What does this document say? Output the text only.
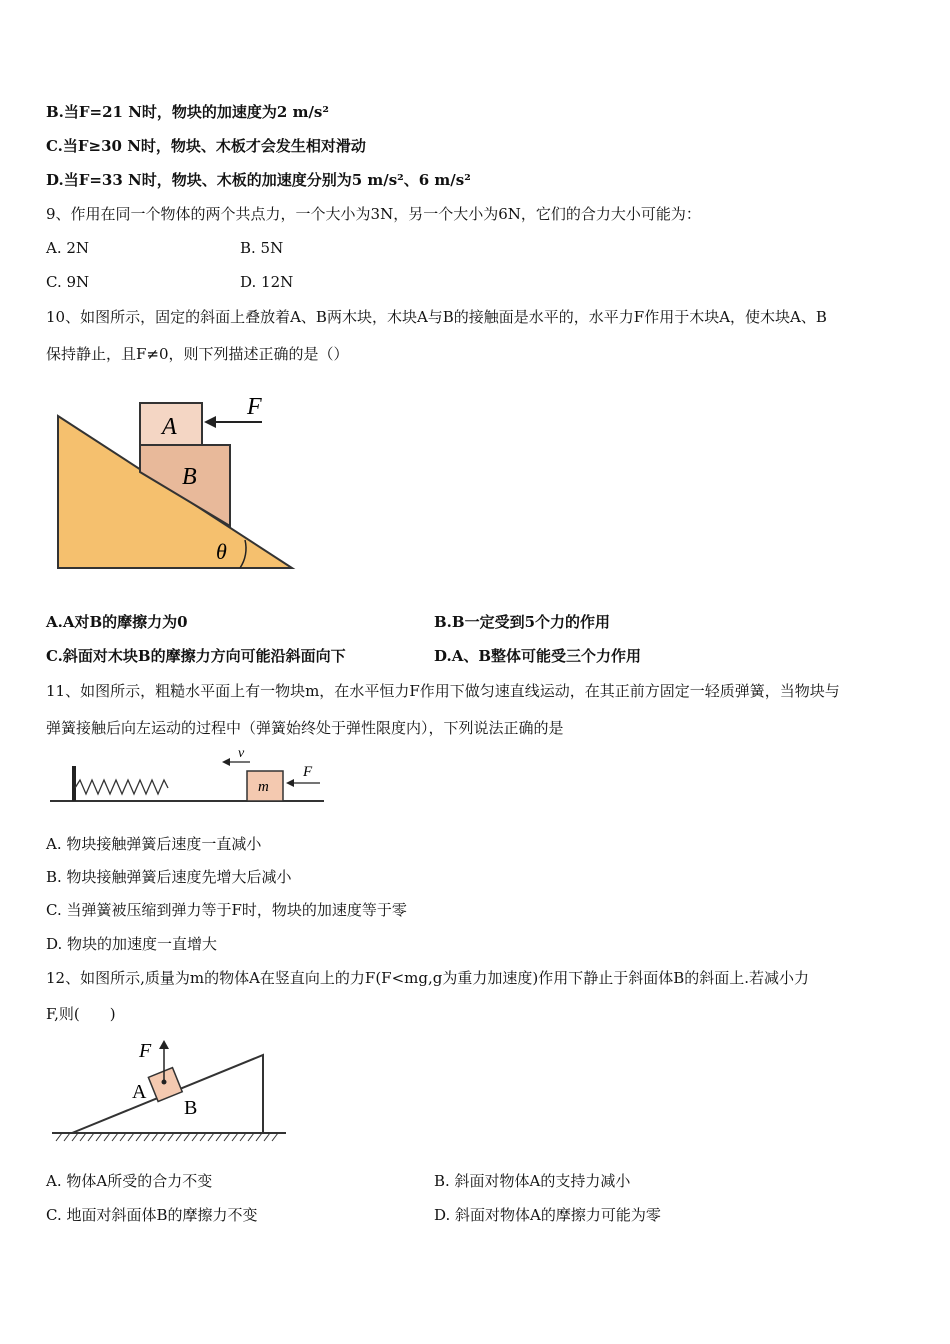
B.当F=21 N时，物块的加速度为2 m/s²
C.当F≥30 N时，物块、木板才会发生相对滑动
D.当F=33 N时，物块、木板的加速度分别为5 m/s²、6 m/s²
9、作用在同一个物体的两个共点力，一个大小为3N，另一个大小为6N，它们的合力大小可能为：
A. 2N	B. 5N
C. 9N	D. 12N
10、如图所示，固定的斜面上叠放着A、B两木块，木块A与B的接触面是水平的，水平力F作用于木块A，使木块A、B
保持静止，且F≠0，则下列描述正确的是（）
A
B
F
θ
A.A对B的摩擦力为0	B.B一定受到5个力的作用
C.斜面对木块B的摩擦力方向可能沿斜面向下	D.A、B整体可能受三个力作用
11、如图所示，粗糙水平面上有一物块m，在水平恒力F作用下做匀速直线运动，在其正前方固定一轻质弹簧，当物块与
弹簧接触后向左运动的过程中（弹簧始终处于弹性限度内），下列说法正确的是
m
v
F
A. 物块接触弹簧后速度一直减小
B. 物块接触弹簧后速度先增大后减小
C. 当弹簧被压缩到弹力等于F时，物块的加速度等于零
D. 物块的加速度一直增大
12、如图所示,质量为m的物体A在竖直向上的力F(F<mg,g为重力加速度)作用下静止于斜面体B的斜面上.若减小力
F,则(　　)
F
A
B
A. 物体A所受的合力不变	B. 斜面对物体A的支持力减小
C. 地面对斜面体B的摩擦力不变	D. 斜面对物体A的摩擦力可能为零
